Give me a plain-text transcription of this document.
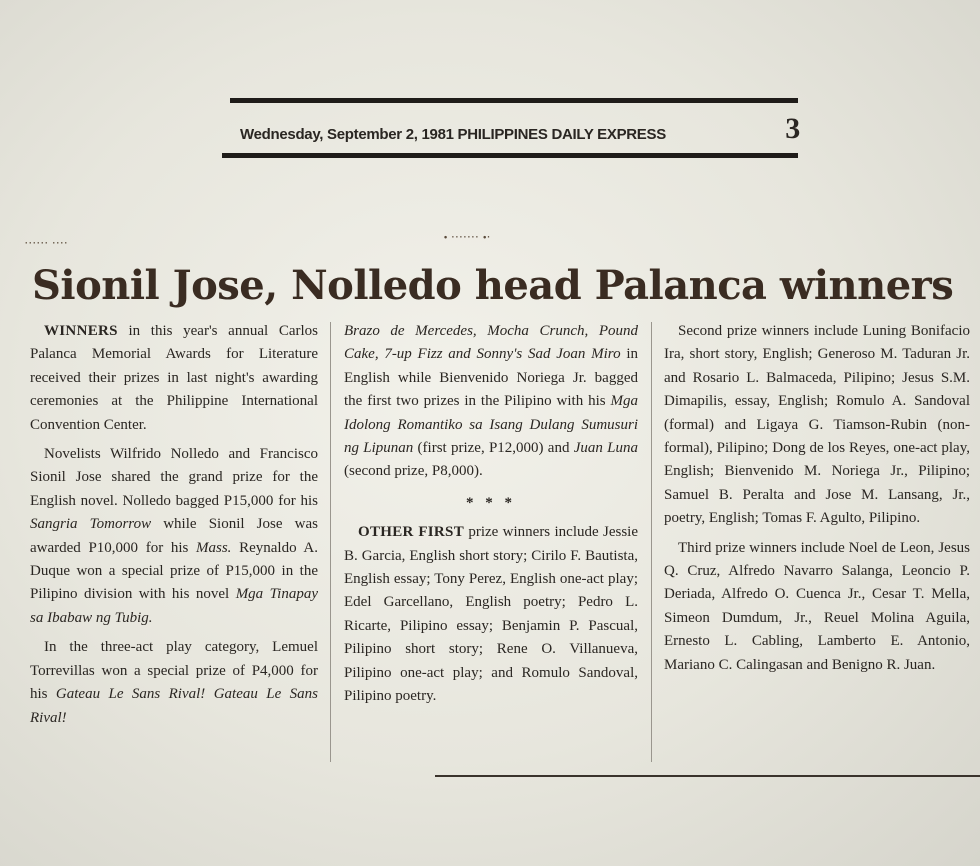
Wednesday, September 2, 1981 PHILIPPINES DAILY EXPRESS	3
······ ····
• ······· •·
Sionil Jose, Nolledo head Palanca winners

WINNERS in this year's annual Carlos Palanca Memorial Awards for Literature received their prizes in last night's awarding ceremonies at the Philippine International Convention Center.

Novelists Wilfrido Nolledo and Francisco Sionil Jose shared the grand prize for the English novel. Nolledo bagged P15,000 for his Sangria Tomorrow while Sionil Jose was awarded P10,000 for his Mass. Reynaldo A. Duque won a special prize of P15,000 in the Pilipino division with his novel Mga Tinapay sa Ibabaw ng Tubig.

In the three-act play category, Lemuel Torrevillas won a special prize of P4,000 for his Gateau Le Sans Rival! Gateau Le Sans Rival!

Brazo de Mercedes, Mocha Crunch, Pound Cake, 7-up Fizz and Sonny's Sad Joan Miro in English while Bienvenido Noriega Jr. bagged the first two prizes in the Pilipino with his Mga Idolong Romantiko sa Isang Dulang Sumusuri ng Lipunan (first prize, P12,000) and Juan Luna (second prize, P8,000).

* * *

OTHER FIRST prize winners include Jessie B. Garcia, English short story; Cirilo F. Bautista, English essay; Tony Perez, English one-act play; Edel Garcellano, English poetry; Pedro L. Ricarte, Pilipino essay; Benjamin P. Pascual, Pilipino short story; Rene O. Villanueva, Pilipino one-act play; and Romulo Sandoval, Pilipino poetry.

Second prize winners include Luning Bonifacio Ira, short story, English; Generoso M. Taduran Jr. and Rosario L. Balmaceda, Pilipino; Jesus S.M. Dimapilis, essay, English; Romulo A. Sandoval (formal) and Ligaya G. Tiamson-Rubin (non-formal), Pilipino; Dong de los Reyes, one-act play, English; Bienvenido M. Noriega Jr., Pilipino; Samuel B. Peralta and Jose M. Lansang, Jr., poetry, English; Tomas F. Agulto, Pilipino.

Third prize winners include Noel de Leon, Jesus Q. Cruz, Alfredo Navarro Salanga, Leoncio P. Deriada, Alfredo O. Cuenca Jr., Cesar T. Mella, Simeon Dumdum, Jr., Reuel Molina Aguila, Ernesto L. Cabling, Lamberto E. Antonio, Mariano C. Calingasan and Benigno R. Juan.
